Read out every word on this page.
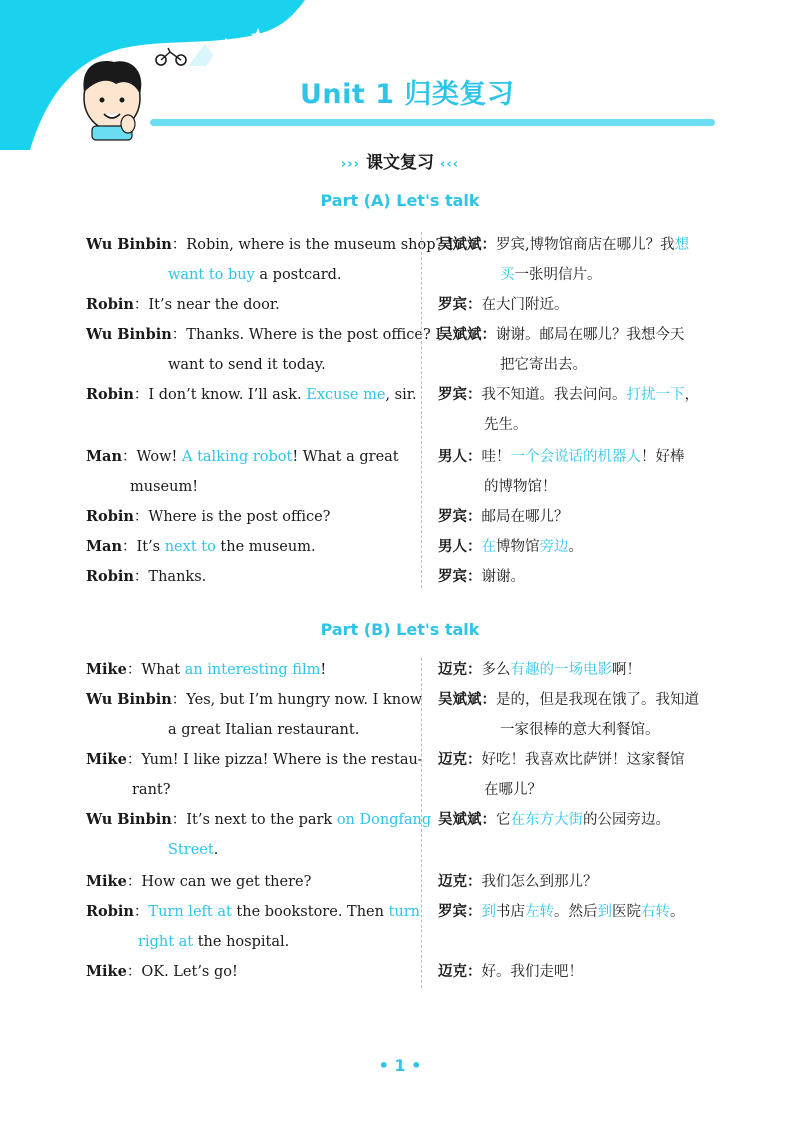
Unit 1 归类复习
››› 课文复习 ‹‹‹
Part (A) Let's talk
Wu Binbin：Robin, where is the museum shop? I
want to buy a postcard.
Robin：It’s near the door.
Wu Binbin：Thanks. Where is the post office? I
want to send it today.
Robin：I don’t know. I’ll ask. Excuse me, sir.
Man：Wow! A talking robot! What a great
museum!
Robin：Where is the post office?
Man：It’s next to the museum.
Robin：Thanks.
吴斌斌：罗宾,博物馆商店在哪儿？我想
买一张明信片。
罗宾：在大门附近。
吴斌斌：谢谢。邮局在哪儿？我想今天
把它寄出去。
罗宾：我不知道。我去问问。打扰一下，
先生。
男人：哇！一个会说话的机器人！好棒
的博物馆！
罗宾：邮局在哪儿？
男人：在博物馆旁边。
罗宾：谢谢。
Part (B) Let's talk
Mike：What an interesting film!
Wu Binbin：Yes, but I’m hungry now. I know
a great Italian restaurant.
Mike：Yum! I like pizza! Where is the restau-
rant?
Wu Binbin：It’s next to the park on Dongfang
Street.
Mike：How can we get there?
Robin：Turn left at the bookstore. Then turn
right at the hospital.
Mike：OK. Let’s go!
迈克：多么有趣的一场电影啊！
吴斌斌：是的，但是我现在饿了。我知道
一家很棒的意大利餐馆。
迈克：好吃！我喜欢比萨饼！这家餐馆
在哪儿？
吴斌斌：它在东方大街的公园旁边。
迈克：我们怎么到那儿？
罗宾：到书店左转。然后到医院右转。
迈克：好。我们走吧！
• 1 •
